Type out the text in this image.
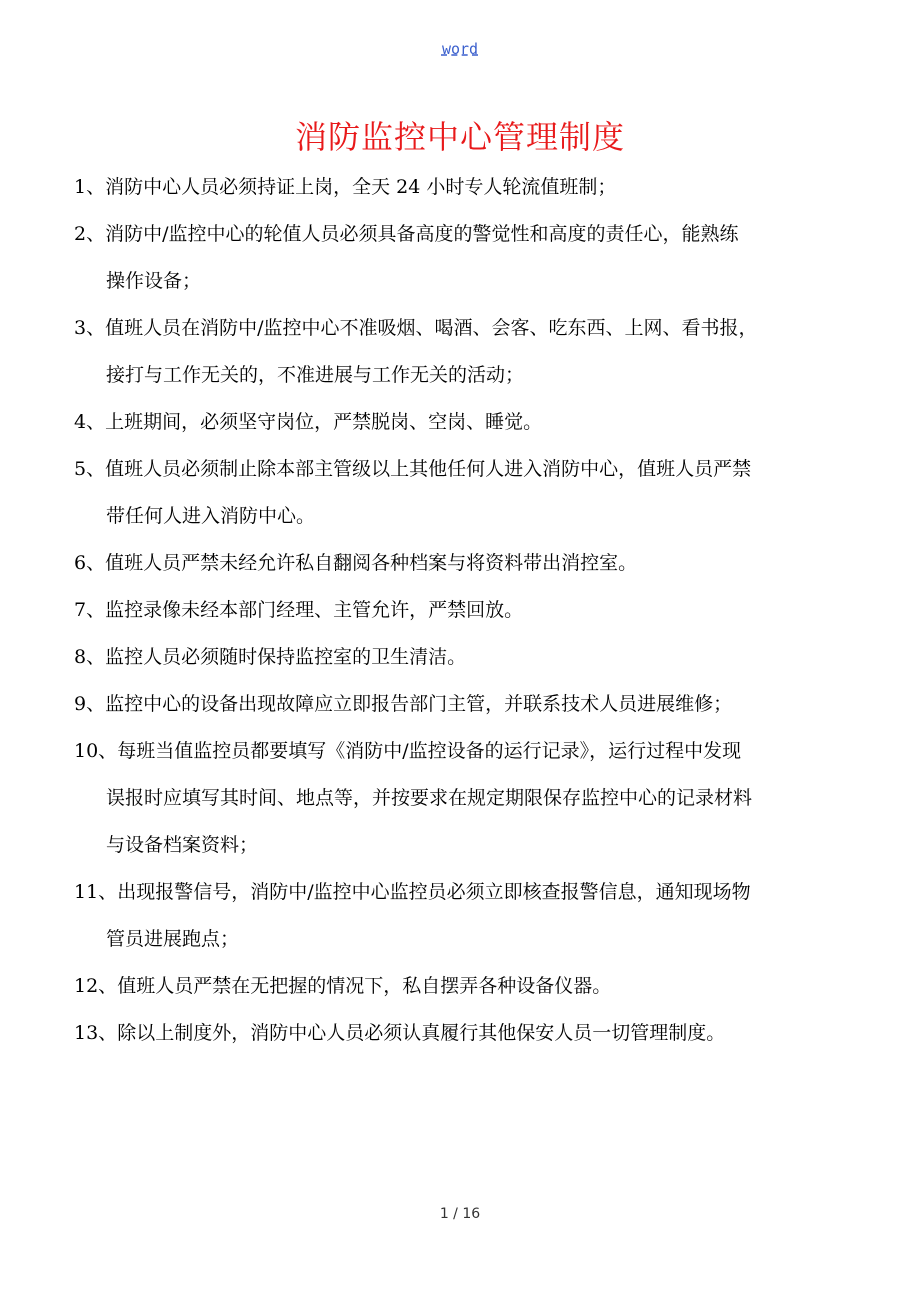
word
消防监控中心管理制度
1、消防中心人员必须持证上岗，全天 24 小时专人轮流值班制；
2、消防中/监控中心的轮值人员必须具备高度的警觉性和高度的责任心，能熟练
操作设备；
3、值班人员在消防中/监控中心不准吸烟、喝酒、会客、吃东西、上网、看书报，
接打与工作无关的，不准进展与工作无关的活动；
4、上班期间，必须坚守岗位，严禁脱岗、空岗、睡觉。
5、值班人员必须制止除本部主管级以上其他任何人进入消防中心，值班人员严禁
带任何人进入消防中心。
6、值班人员严禁未经允许私自翻阅各种档案与将资料带出消控室。
7、监控录像未经本部门经理、主管允许，严禁回放。
8、监控人员必须随时保持监控室的卫生清洁。
9、监控中心的设备出现故障应立即报告部门主管，并联系技术人员进展维修；
10、每班当值监控员都要填写《消防中/监控设备的运行记录》，运行过程中发现
误报时应填写其时间、地点等，并按要求在规定期限保存监控中心的记录材料
与设备档案资料；
11、出现报警信号，消防中/监控中心监控员必须立即核查报警信息，通知现场物
管员进展跑点；
12、值班人员严禁在无把握的情况下，私自摆弄各种设备仪器。
13、除以上制度外，消防中心人员必须认真履行其他保安人员一切管理制度。
1 / 16
